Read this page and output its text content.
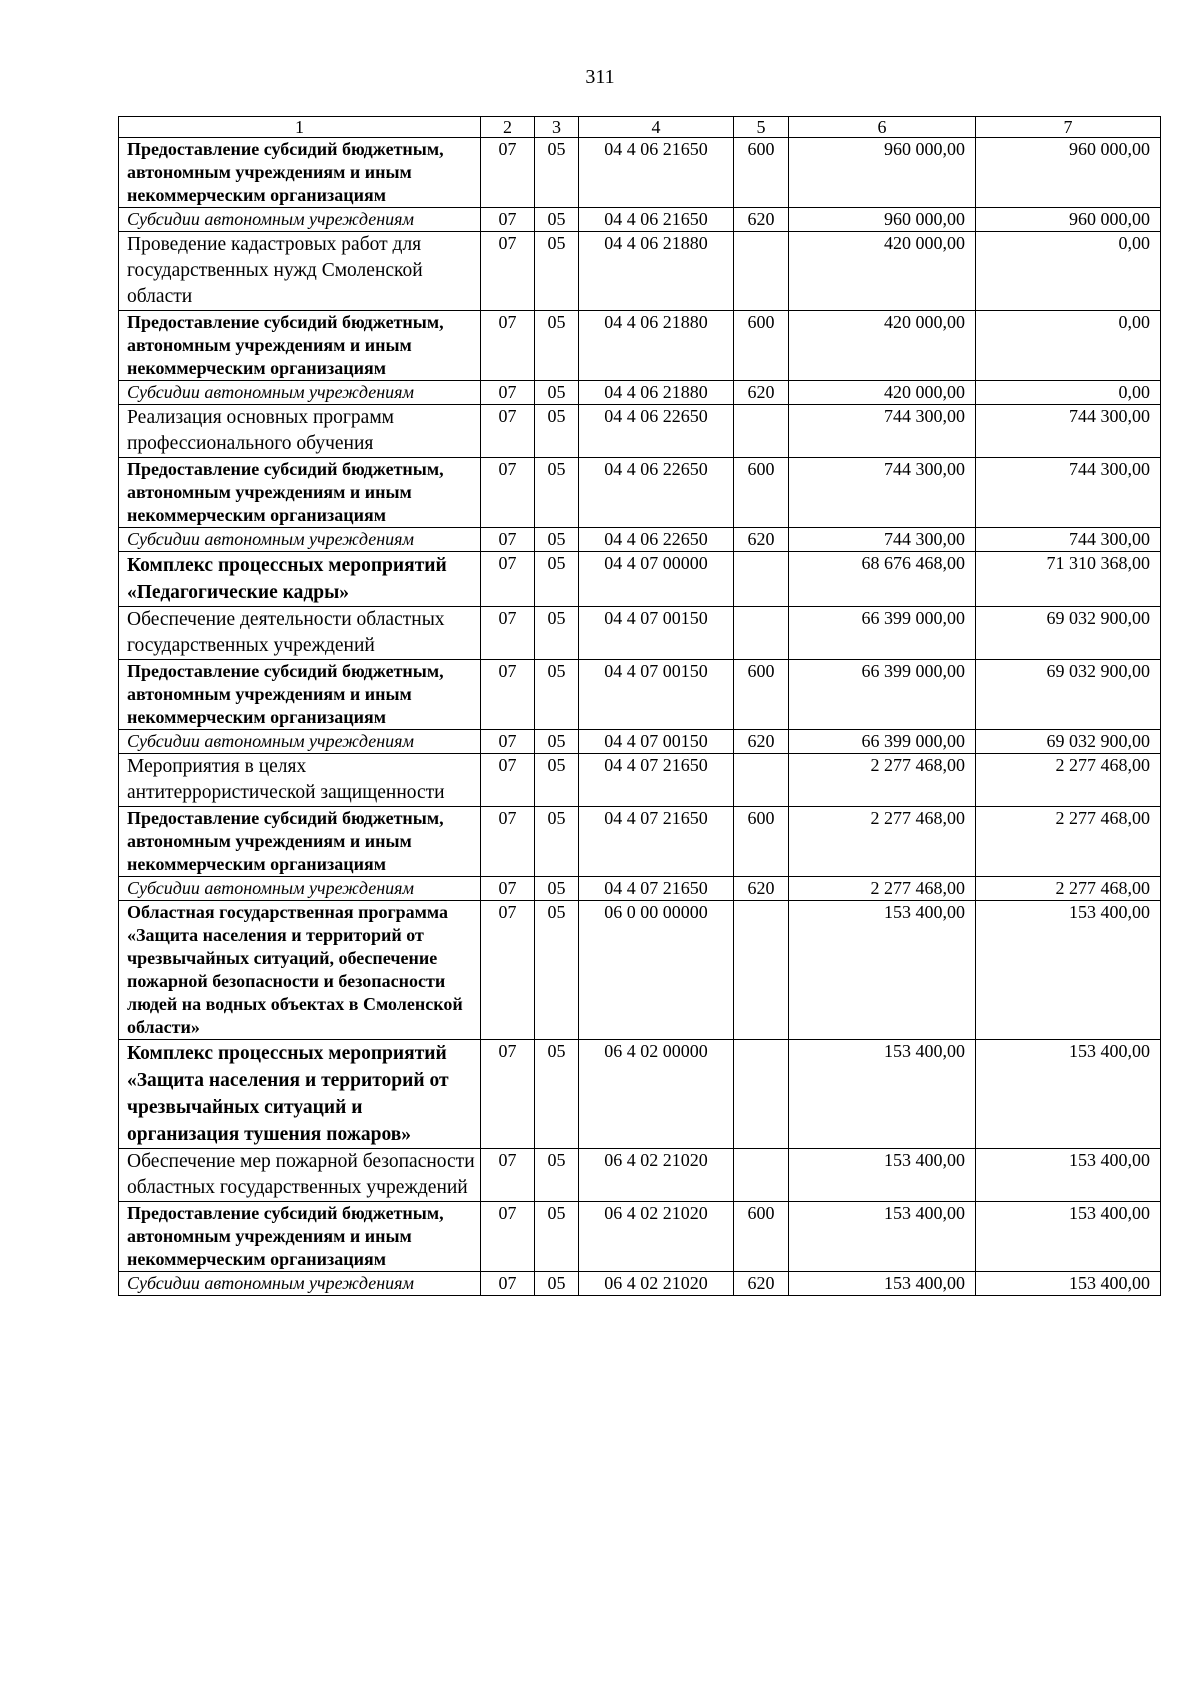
311
1	2	3	4	5	6	7
Предоставление субсидий бюджетным, автономным учреждениям и иным некоммерческим организациям	07	05	04 4 06 21650	600	960 000,00	960 000,00
Субсидии автономным учреждениям	07	05	04 4 06 21650	620	960 000,00	960 000,00
Проведение кадастровых работ для государственных нужд Смоленской области	07	05	04 4 06 21880		420 000,00	0,00
Предоставление субсидий бюджетным, автономным учреждениям и иным некоммерческим организациям	07	05	04 4 06 21880	600	420 000,00	0,00
Субсидии автономным учреждениям	07	05	04 4 06 21880	620	420 000,00	0,00
Реализация основных программ профессионального обучения	07	05	04 4 06 22650		744 300,00	744 300,00
Предоставление субсидий бюджетным, автономным учреждениям и иным некоммерческим организациям	07	05	04 4 06 22650	600	744 300,00	744 300,00
Субсидии автономным учреждениям	07	05	04 4 06 22650	620	744 300,00	744 300,00
Комплекс процессных мероприятий «Педагогические кадры»	07	05	04 4 07 00000		68 676 468,00	71 310 368,00
Обеспечение деятельности областных государственных учреждений	07	05	04 4 07 00150		66 399 000,00	69 032 900,00
Предоставление субсидий бюджетным, автономным учреждениям и иным некоммерческим организациям	07	05	04 4 07 00150	600	66 399 000,00	69 032 900,00
Субсидии автономным учреждениям	07	05	04 4 07 00150	620	66 399 000,00	69 032 900,00
Мероприятия в целях антитеррористической защищенности	07	05	04 4 07 21650		2 277 468,00	2 277 468,00
Предоставление субсидий бюджетным, автономным учреждениям и иным некоммерческим организациям	07	05	04 4 07 21650	600	2 277 468,00	2 277 468,00
Субсидии автономным учреждениям	07	05	04 4 07 21650	620	2 277 468,00	2 277 468,00
Областная государственная программа «Защита населения и территорий от чрезвычайных ситуаций, обеспечение пожарной безопасности и безопасности людей на водных объектах в Смоленской области»	07	05	06 0 00 00000		153 400,00	153 400,00
Комплекс процессных мероприятий «Защита населения и территорий от чрезвычайных ситуаций и организация тушения пожаров»	07	05	06 4 02 00000		153 400,00	153 400,00
Обеспечение мер пожарной безопасности областных государственных учреждений	07	05	06 4 02 21020		153 400,00	153 400,00
Предоставление субсидий бюджетным, автономным учреждениям и иным некоммерческим организациям	07	05	06 4 02 21020	600	153 400,00	153 400,00
Субсидии автономным учреждениям	07	05	06 4 02 21020	620	153 400,00	153 400,00
